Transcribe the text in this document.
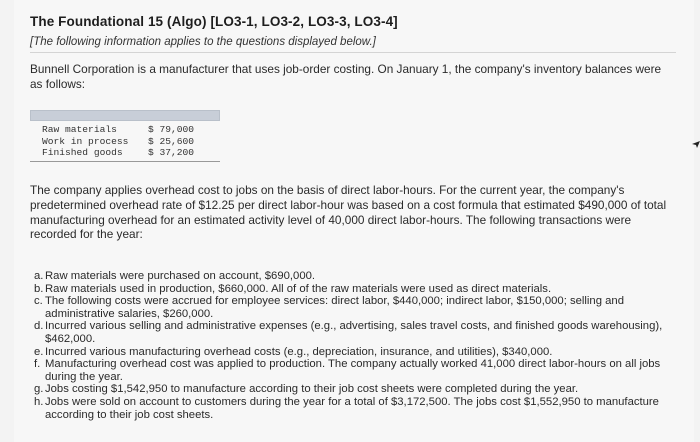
The Foundational 15 (Algo) [LO3-1, LO3-2, LO3-3, LO3-4]
[The following information applies to the questions displayed below.]
Bunnell Corporation is a manufacturer that uses job-order costing. On January 1, the company's inventory balances were as follows:
Raw materials	$ 79,000
Work in process	$ 25,600
Finished goods	$ 37,200
The company applies overhead cost to jobs on the basis of direct labor-hours. For the current year, the company's predetermined overhead rate of $12.25 per direct labor-hour was based on a cost formula that estimated $490,000 of total manufacturing overhead for an estimated activity level of 40,000 direct labor-hours. The following transactions were recorded for the year:
a. Raw materials were purchased on account, $690,000.
b. Raw materials used in production, $660,000. All of of the raw materials were used as direct materials.
c. The following costs were accrued for employee services: direct labor, $440,000; indirect labor, $150,000; selling and administrative salaries, $260,000.
d. Incurred various selling and administrative expenses (e.g., advertising, sales travel costs, and finished goods warehousing), $462,000.
e. Incurred various manufacturing overhead costs (e.g., depreciation, insurance, and utilities), $340,000.
f. Manufacturing overhead cost was applied to production. The company actually worked 41,000 direct labor-hours on all jobs during the year.
g. Jobs costing $1,542,950 to manufacture according to their job cost sheets were completed during the year.
h. Jobs were sold on account to customers during the year for a total of $3,172,500. The jobs cost $1,552,950 to manufacture according to their job cost sheets.
